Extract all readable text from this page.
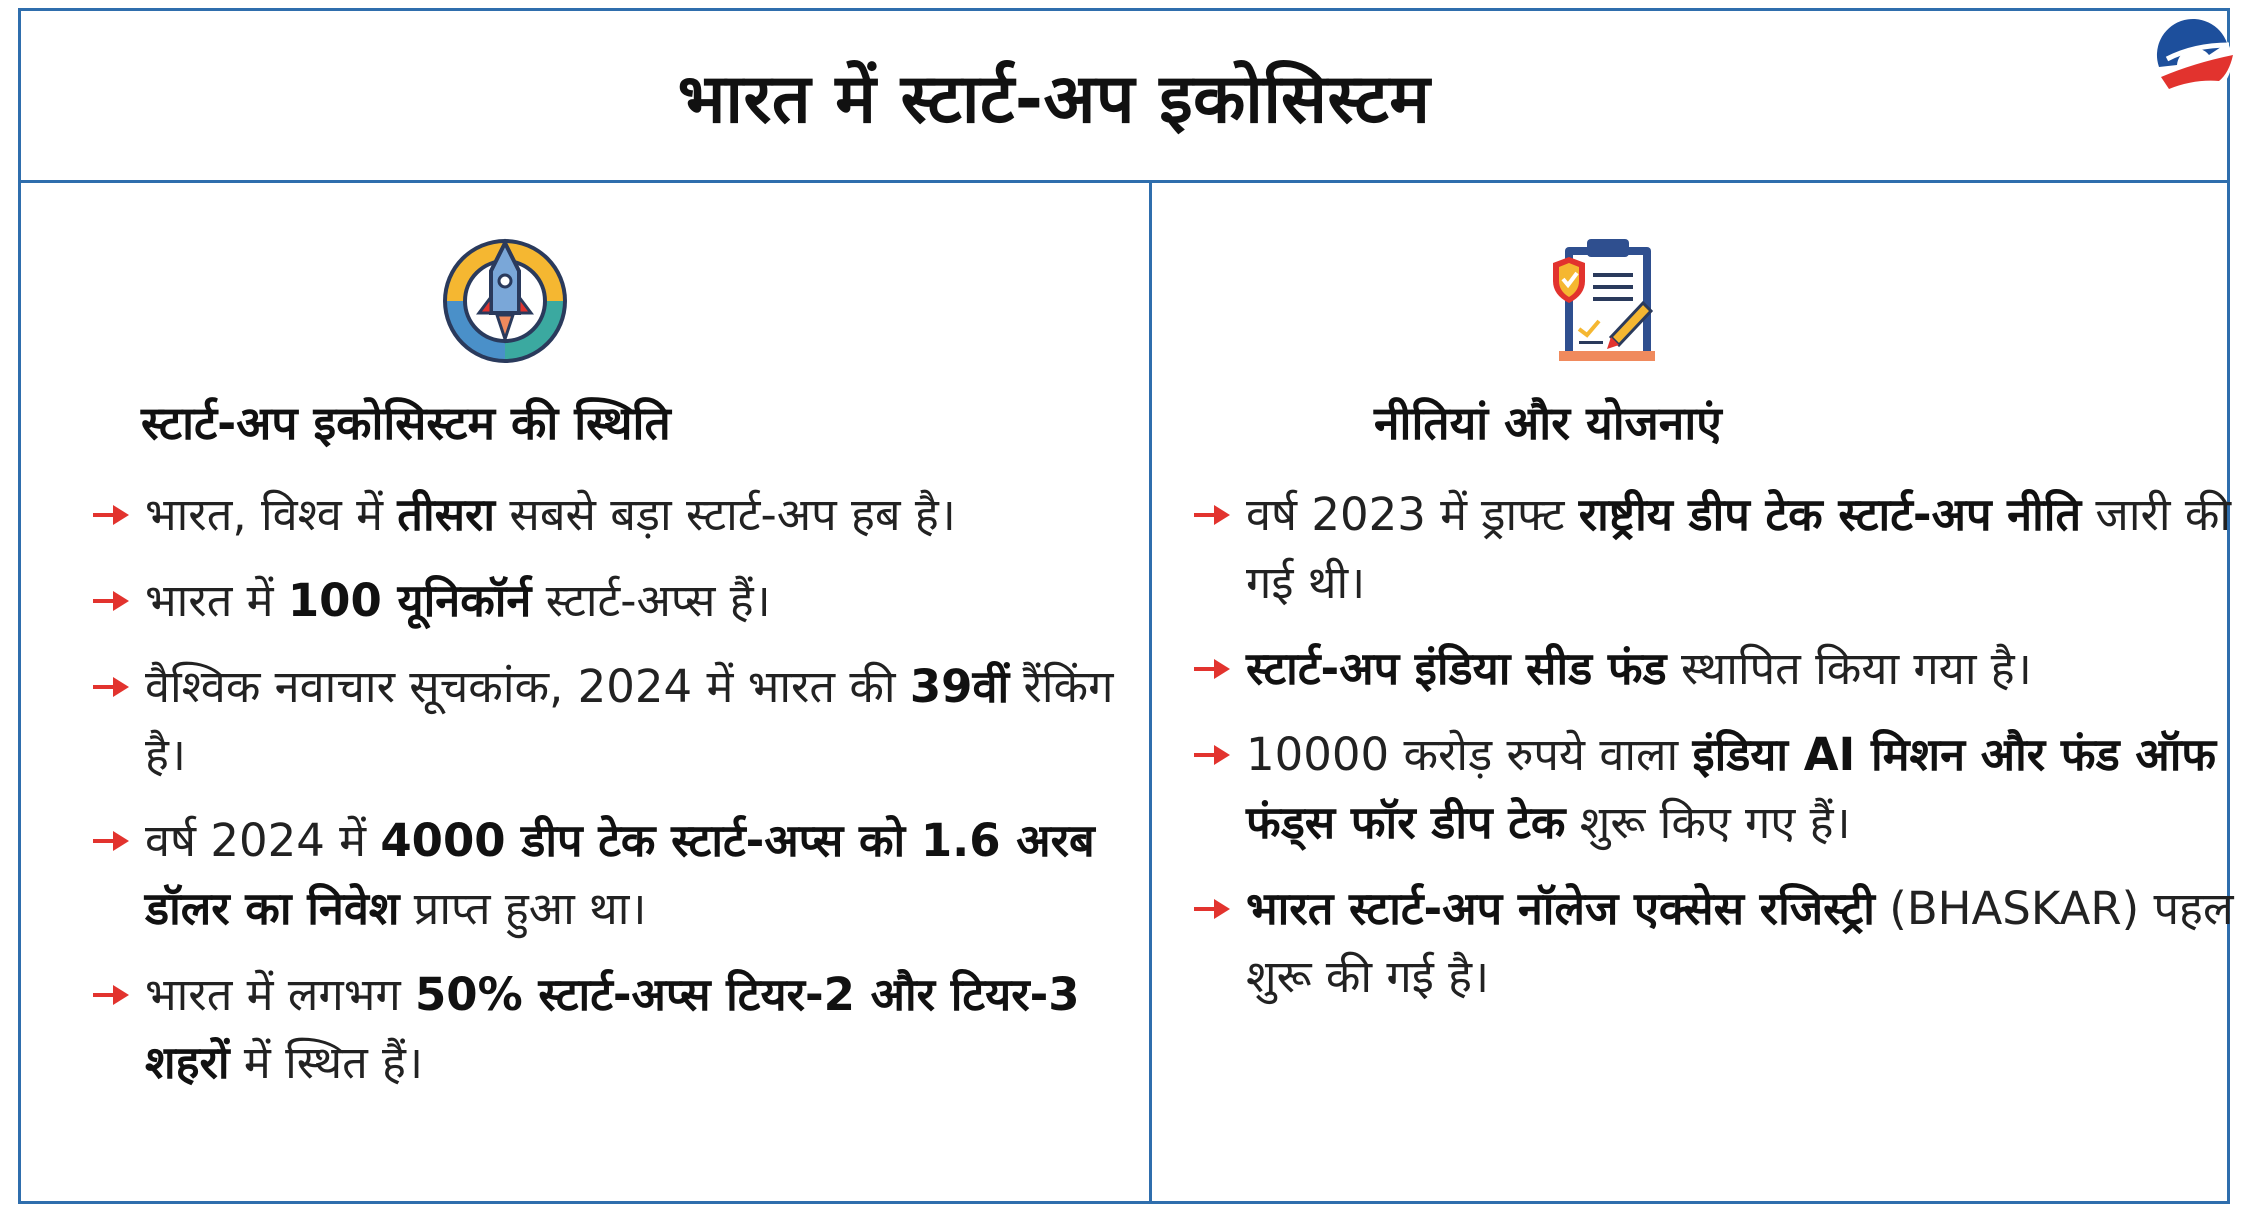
भारत में स्टार्ट-अप इकोसिस्टम
स्टार्ट-अप इकोसिस्टम की स्थिति
भारत, विश्व में तीसरा सबसे बड़ा स्टार्ट-अप हब है।
भारत में 100 यूनिकॉर्न स्टार्ट-अप्स हैं।
वैश्विक नवाचार सूचकांक, 2024 में भारत की 39वीं रैंकिंग है।
वर्ष 2024 में 4000 डीप टेक स्टार्ट-अप्स को 1.6 अरब डॉलर का निवेश प्राप्त हुआ था।
भारत में लगभग 50% स्टार्ट-अप्स टियर-2 और टियर-3 शहरों में स्थित हैं।
नीतियां और योजनाएं
वर्ष 2023 में ड्राफ्ट राष्ट्रीय डीप टेक स्टार्ट-अप नीति जारी की गई थी।
स्टार्ट-अप इंडिया सीड फंड स्थापित किया गया है।
10000 करोड़ रुपये वाला इंडिया AI मिशन और फंड ऑफ फंड्स फॉर डीप टेक शुरू किए गए हैं।
भारत स्टार्ट-अप नॉलेज एक्सेस रजिस्ट्री (BHASKAR) पहल शुरू की गई है।
